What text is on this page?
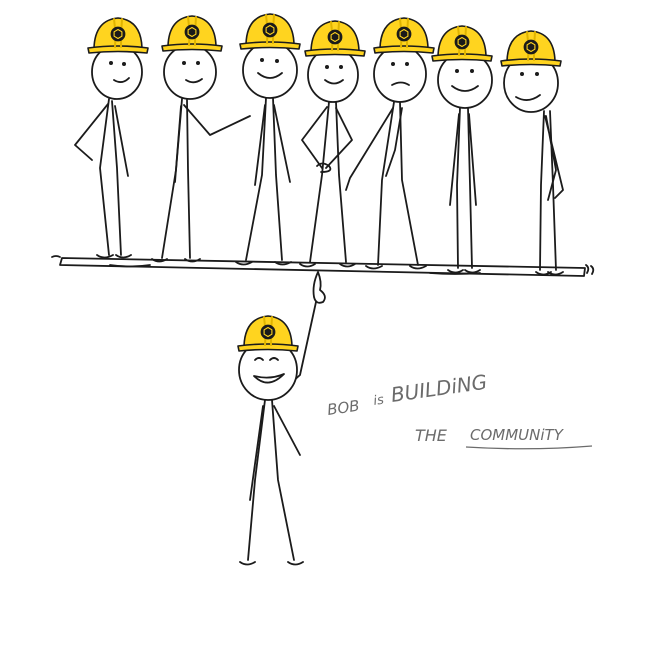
BOB is BUILDiNG
THE COMMUNiTY
